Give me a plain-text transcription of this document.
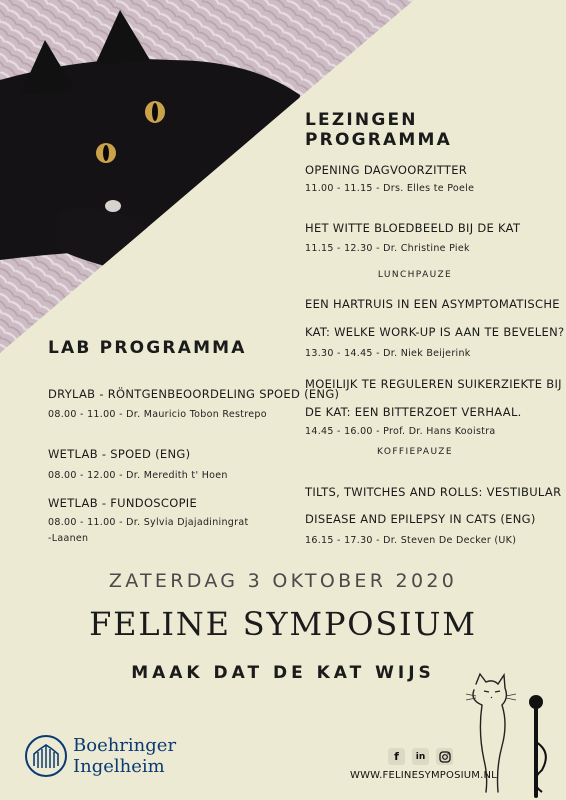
LEZINGEN PROGRAMMA
OPENING DAGVOORZITTER
11.00 - 11.15 - Drs. Elles te Poele
HET WITTE BLOEDBEELD BIJ DE KAT
11.15 - 12.30 - Dr. Christine Piek
LUNCHPAUZE
EEN HARTRUIS IN EEN ASYMPTOMATISCHE
KAT: WELKE WORK-UP IS AAN TE BEVELEN?
13.30 - 14.45 - Dr. Niek Beijerink
MOEILIJK TE REGULEREN SUIKERZIEKTE BIJ
DE KAT: EEN BITTERZOET VERHAAL.
14.45 - 16.00 - Prof. Dr. Hans Kooistra
KOFFIEPAUZE
TILTS, TWITCHES AND ROLLS: VESTIBULAR
DISEASE AND EPILEPSY IN CATS (ENG)
16.15 - 17.30 - Dr. Steven De Decker (UK)
LAB PROGRAMMA
DRYLAB - RÖNTGENBEOORDELING SPOED (ENG)
08.00 - 11.00 - Dr. Mauricio Tobon Restrepo
WETLAB - SPOED (ENG)
08.00 - 12.00 - Dr. Meredith t' Hoen
WETLAB - FUNDOSCOPIE
08.00 - 11.00 - Dr. Sylvia Djajadiningrat
-Laanen
ZATERDAG 3 OKTOBER 2020
FELINE SYMPOSIUM
MAAK DAT DE KAT WIJS
Boehringer
Ingelheim	f	in
WWW.FELINESYMPOSIUM.NL
